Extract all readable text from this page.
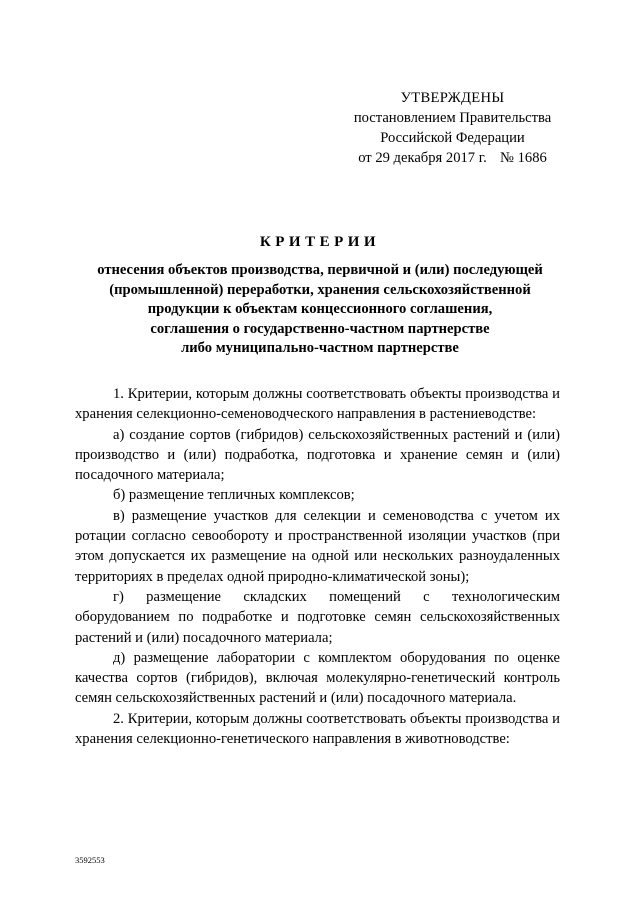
УТВЕРЖДЕНЫ
постановлением Правительства
Российской Федерации
от 29 декабря 2017 г. № 1686
КРИТЕРИИ
отнесения объектов производства, первичной и (или) последующей
(промышленной) переработки, хранения сельскохозяйственной
продукции к объектам концессионного соглашения,
соглашения о государственно-частном партнерстве
либо муниципально-частном партнерстве

1. Критерии, которым должны соответствовать объекты производства и хранения селекционно-семеноводческого направления в растениеводстве:

а) создание сортов (гибридов) сельскохозяйственных растений и (или) производство и (или) подработка, подготовка и хранение семян и (или) посадочного материала;

б) размещение тепличных комплексов;

в) размещение участков для селекции и семеноводства с учетом их ротации согласно севообороту и пространственной изоляции участков (при этом допускается их размещение на одной или нескольких разноудаленных территориях в пределах одной природно-климатической зоны);

г) размещение складских помещений с технологическим оборудованием по подработке и подготовке семян сельскохозяйственных растений и (или) посадочного материала;

д) размещение лаборатории с комплектом оборудования по оценке качества сортов (гибридов), включая молекулярно-генетический контроль семян сельскохозяйственных растений и (или) посадочного материала.

2. Критерии, которым должны соответствовать объекты производства и хранения селекционно-генетического направления в животноводстве:

3592553
